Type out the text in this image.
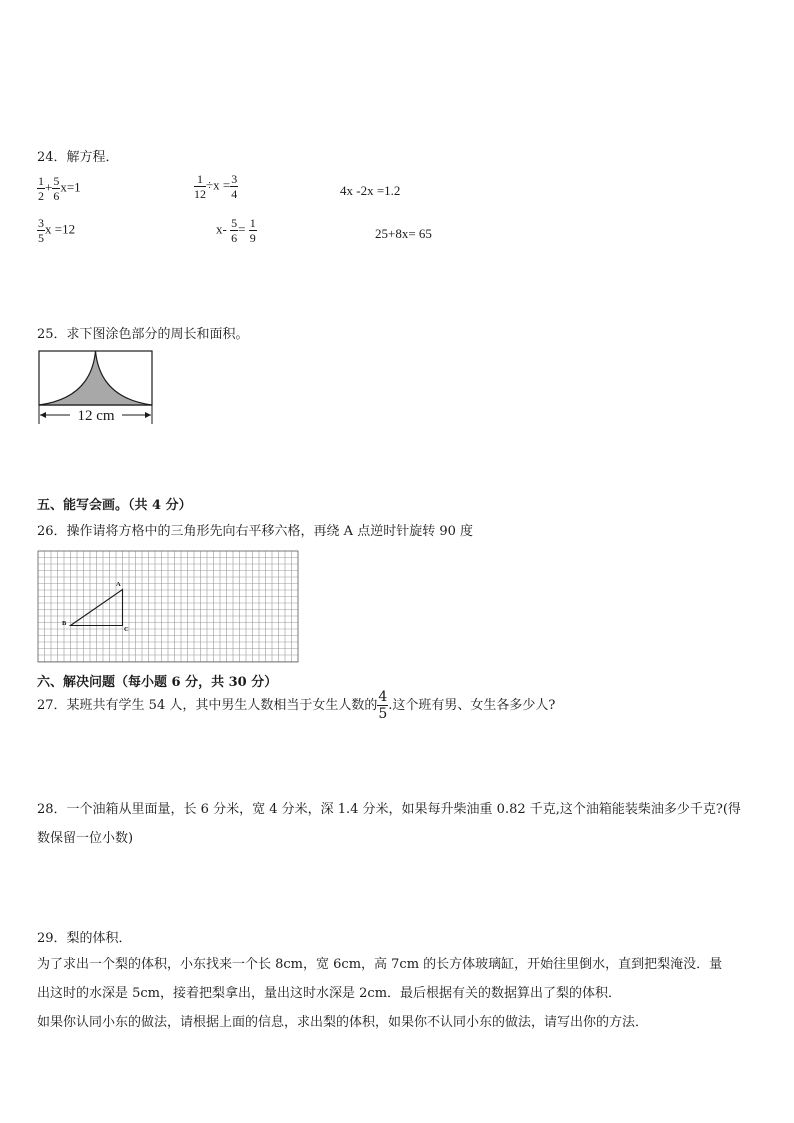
24．解方程．
$\frac{1}{2} + \frac{5}{6} x=1$	$\frac{1}{12} \div x = \frac{3}{4}$	4x -2x =1.2
$\frac{3}{5}$ x =12	$x- \frac{5}{6} = \frac{1}{9}$	25+8x= 65
25．求下图涂色部分的周长和面积。
12 cm
五、能写会画。（共 4 分）
26．操作请将方格中的三角形先向右平移六格，再绕 A 点逆时针旋转 90 度
A
B
C
六、解决问题（每小题 6 分，共 30 分）
27．某班共有学生 54 人，其中男生人数相当于女生人数的 $\frac{4}{5}$ .这个班有男、女生各多少人?
28．一个油箱从里面量，长 6 分米，宽 4 分米，深 1.4 分米，如果每升柴油重 0.82 千克,这个油箱能装柴油多少千克?(得
数保留一位小数)
29．梨的体积．
为了求出一个梨的体积，小东找来一个长 8cm，宽 6cm，高 7cm 的长方体玻璃缸，开始往里倒水，直到把梨淹没．量
出这时的水深是 5cm，接着把梨拿出，量出这时水深是 2cm．最后根据有关的数据算出了梨的体积．
如果你认同小东的做法，请根据上面的信息，求出梨的体积，如果你不认同小东的做法，请写出你的方法．
